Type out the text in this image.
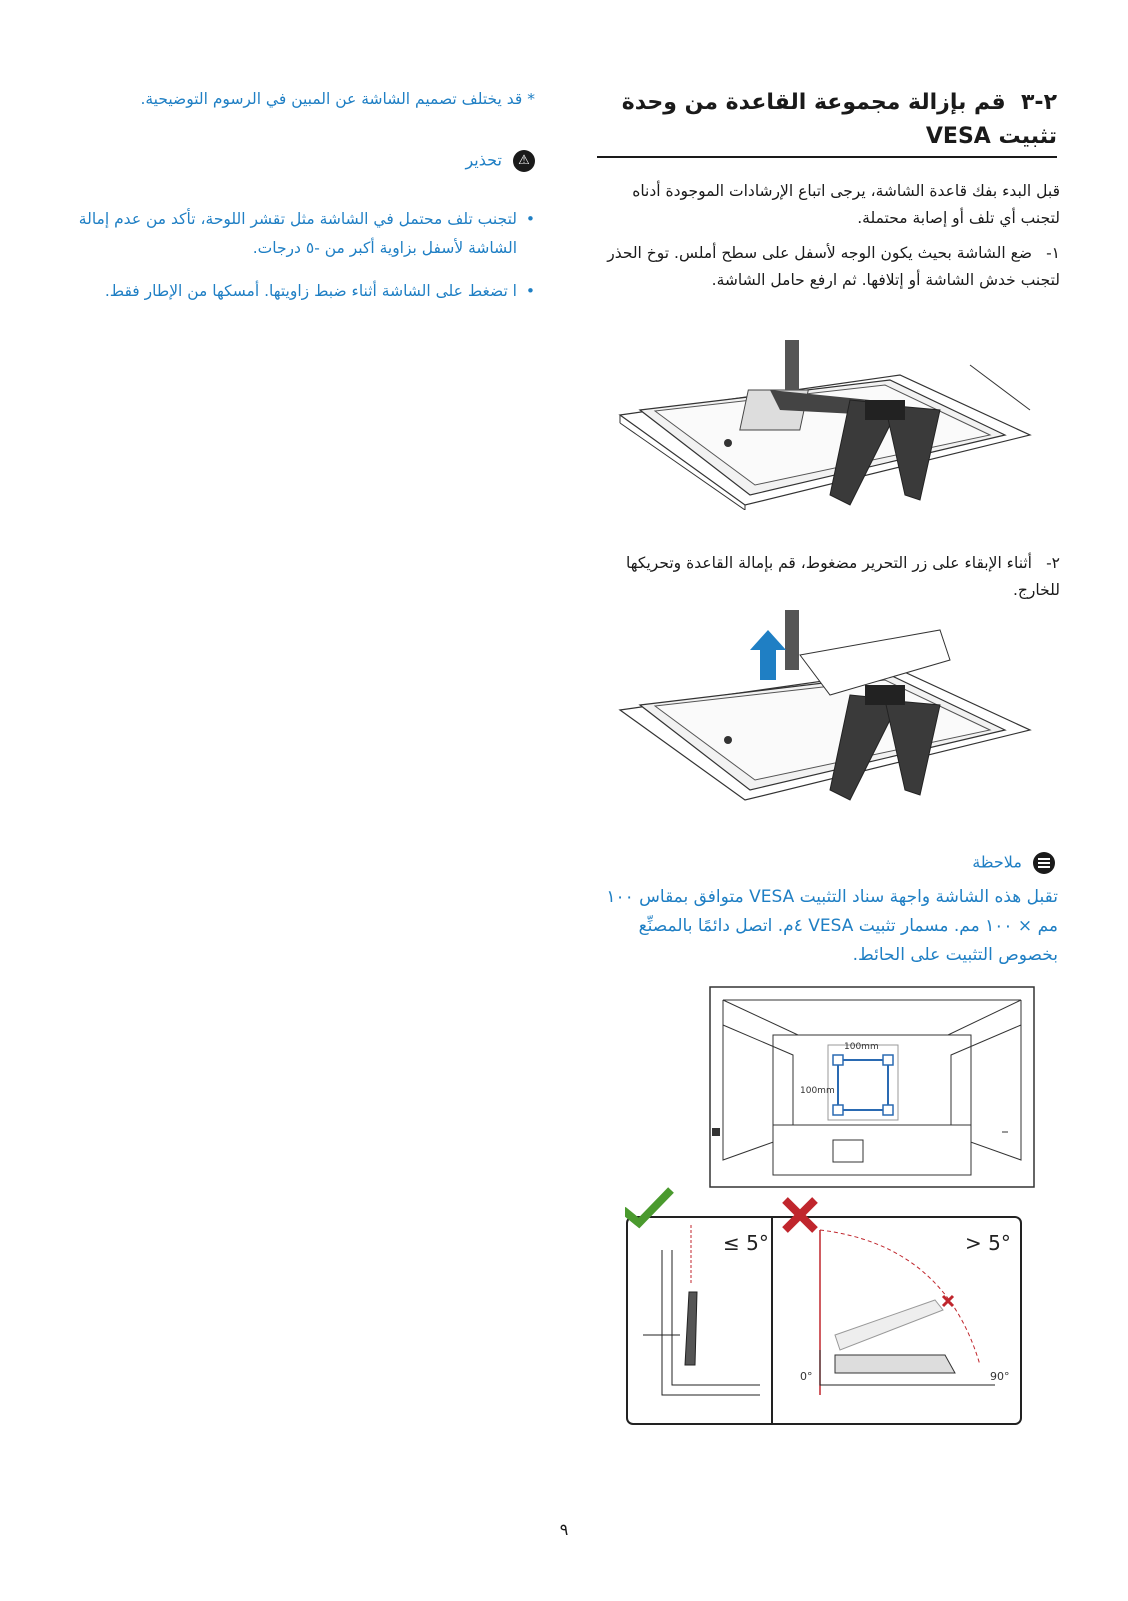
٢-٣  قم بإزالة مجموعة القاعدة من وحدة
تثبيت VESA
قبل البدء بفك قاعدة الشاشة، يرجى اتباع الإرشادات الموجودة أدناه لتجنب أي تلف أو إصابة محتملة.
١-ضع الشاشة بحيث يكون الوجه لأسفل على سطح أملس. توخ الحذر لتجنب خدش الشاشة أو إتلافها. ثم ارفع حامل الشاشة.
٢-أثناء الإبقاء على زر التحرير مضغوط، قم بإمالة القاعدة وتحريكها للخارج.
ملاحظة
تقبل هذه الشاشة واجهة سناد التثبيت VESA متوافق بمقاس ١٠٠ مم × ١٠٠ مم. مسمار تثبيت VESA ٤م. اتصل دائمًا بالمصنِّع بخصوص التثبيت على الحائط.
100mm
100mm
≤ 5°	> 5°
0°	90°
* قد يختلف تصميم الشاشة عن المبين في الرسوم التوضيحية.
⚠ تحذير
• لتجنب تلف محتمل في الشاشة مثل تقشر اللوحة، تأكد من عدم إمالة الشاشة لأسفل بزاوية أكبر من -٥ درجات.
• ا تضغط على الشاشة أثناء ضبط زاويتها. أمسكها من الإطار فقط.
٩
